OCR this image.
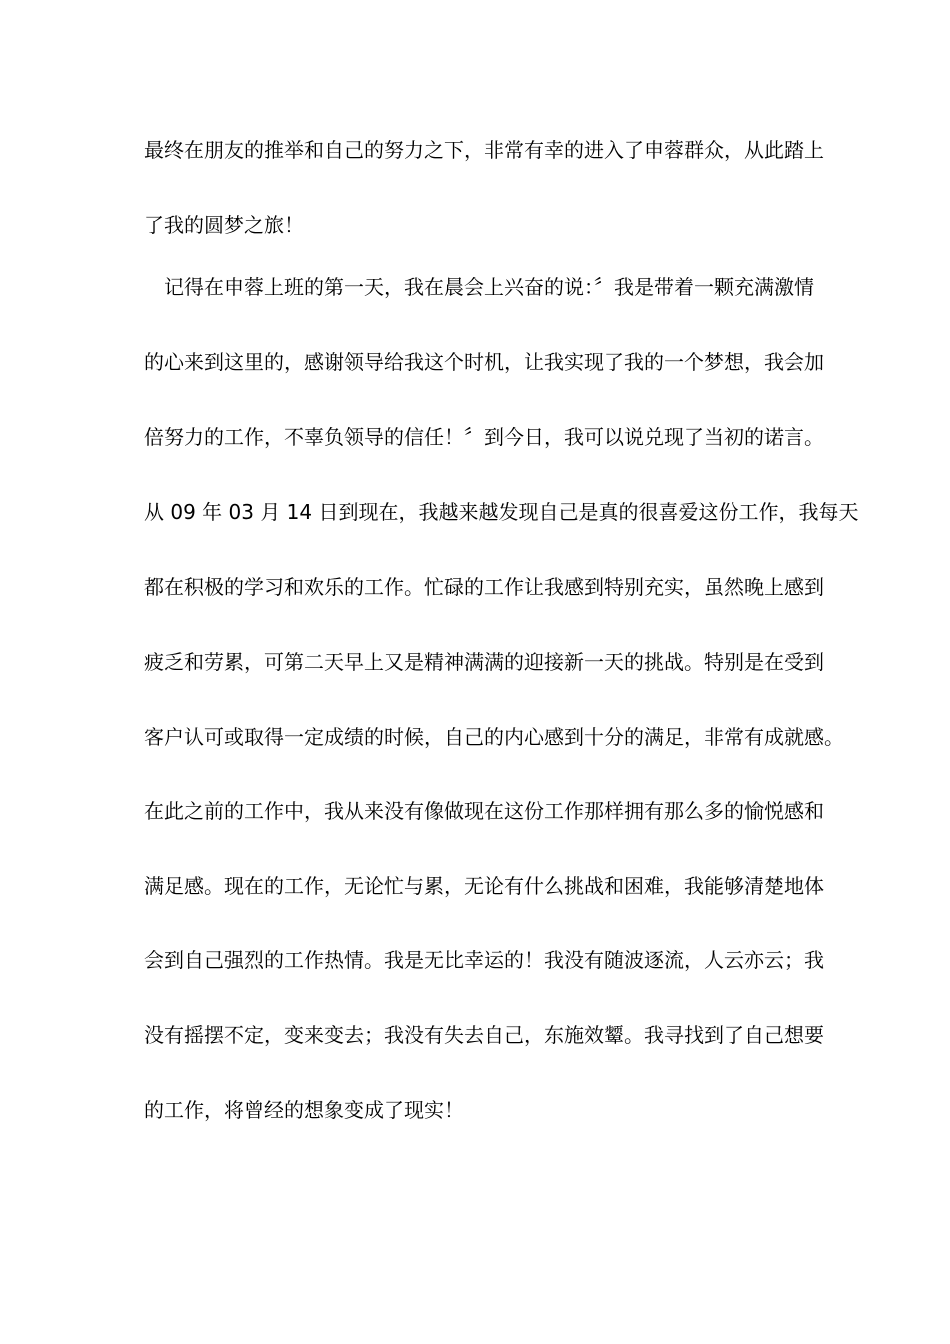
最终在朋友的推举和自己的努力之下，非常有幸的进入了申蓉群众，从此踏上
了我的圆梦之旅！
　记得在申蓉上班的第一天，我在晨会上兴奋的说：〞我是带着一颗充满激情
的心来到这里的，感谢领导给我这个时机，让我实现了我的一个梦想，我会加
倍努力的工作，不辜负领导的信任！〞到今日，我可以说兑现了当初的诺言。
从 09 年 03 月 14 日到现在，我越来越发现自己是真的很喜爱这份工作，我每天
都在积极的学习和欢乐的工作。忙碌的工作让我感到特别充实，虽然晚上感到
疲乏和劳累，可第二天早上又是精神满满的迎接新一天的挑战。特别是在受到
客户认可或取得一定成绩的时候，自己的内心感到十分的满足，非常有成就感。
在此之前的工作中，我从来没有像做现在这份工作那样拥有那么多的愉悦感和
满足感。现在的工作，无论忙与累，无论有什么挑战和困难，我能够清楚地体
会到自己强烈的工作热情。我是无比幸运的！我没有随波逐流，人云亦云；我
没有摇摆不定，变来变去；我没有失去自己，东施效颦。我寻找到了自己想要
的工作，将曾经的想象变成了现实！
